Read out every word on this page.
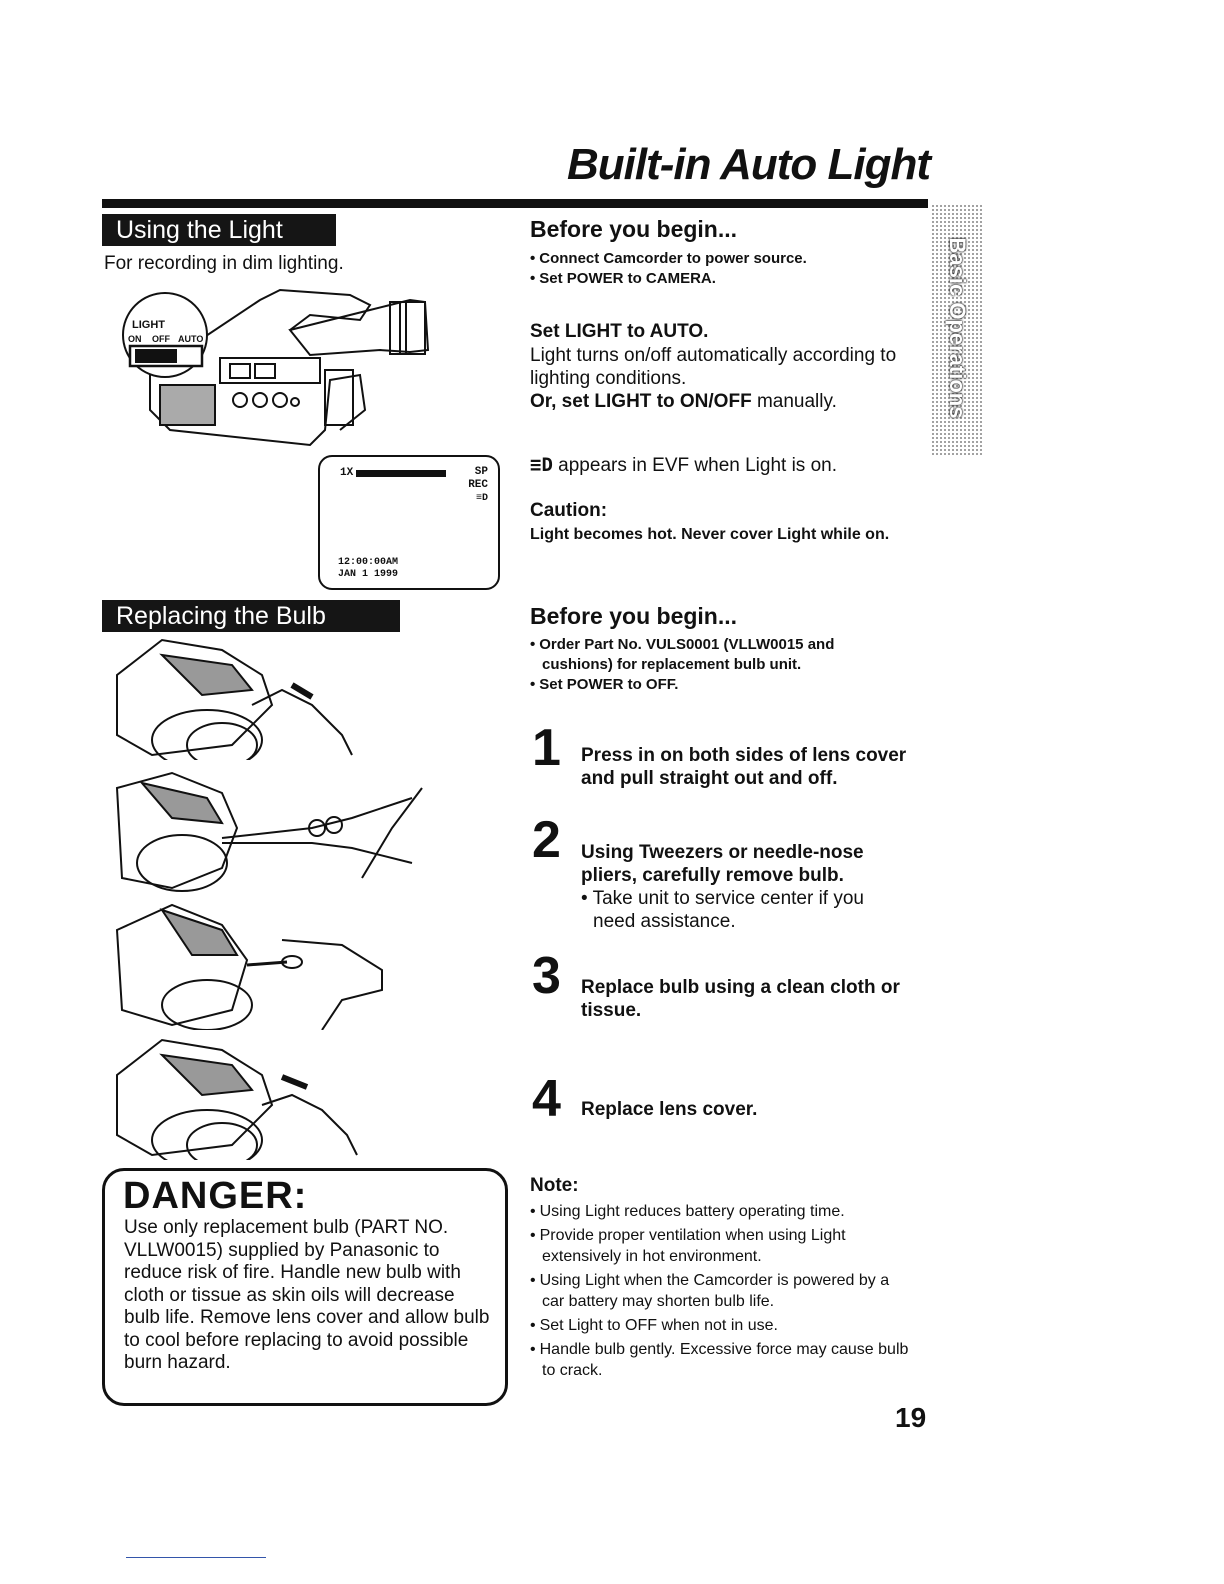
Built-in Auto Light
Basic Operations
Using the Light
For recording in dim lighting.
LIGHT
ON OFF AUTO
1X	SP
REC
≡D
12:00:00AM
JAN 1 1999
Before you begin...
• Connect Camcorder to power source.
• Set POWER to CAMERA.
Set LIGHT to AUTO.
Light turns on/off automatically according to lighting conditions.
Or, set LIGHT to ON/OFF manually.
≡D appears in EVF when Light is on.
Caution:
Light becomes hot. Never cover Light while on.
Replacing the Bulb	Before you begin...
• Order Part No. VULS0001 (VLLW0015 and cushions) for replacement bulb unit.
• Set POWER to OFF.
1 Press in on both sides of lens cover and pull straight out and off.
2 Using Tweezers or needle-nose pliers, carefully remove bulb.
• Take unit to service center if you need assistance.
3 Replace bulb using a clean cloth or tissue.
4 Replace lens cover.
DANGER:
Use only replacement bulb (PART NO. VLLW0015) supplied by Panasonic to reduce risk of fire. Handle new bulb with cloth or tissue as skin oils will decrease bulb life. Remove lens cover and allow bulb to cool before replacing to avoid possible burn hazard.
Note:
• Using Light reduces battery operating time.
• Provide proper ventilation when using Light extensively in hot environment.
• Using Light when the Camcorder is powered by a car battery may shorten bulb life.
• Set Light to OFF when not in use.
• Handle bulb gently. Excessive force may cause bulb to crack.
19
